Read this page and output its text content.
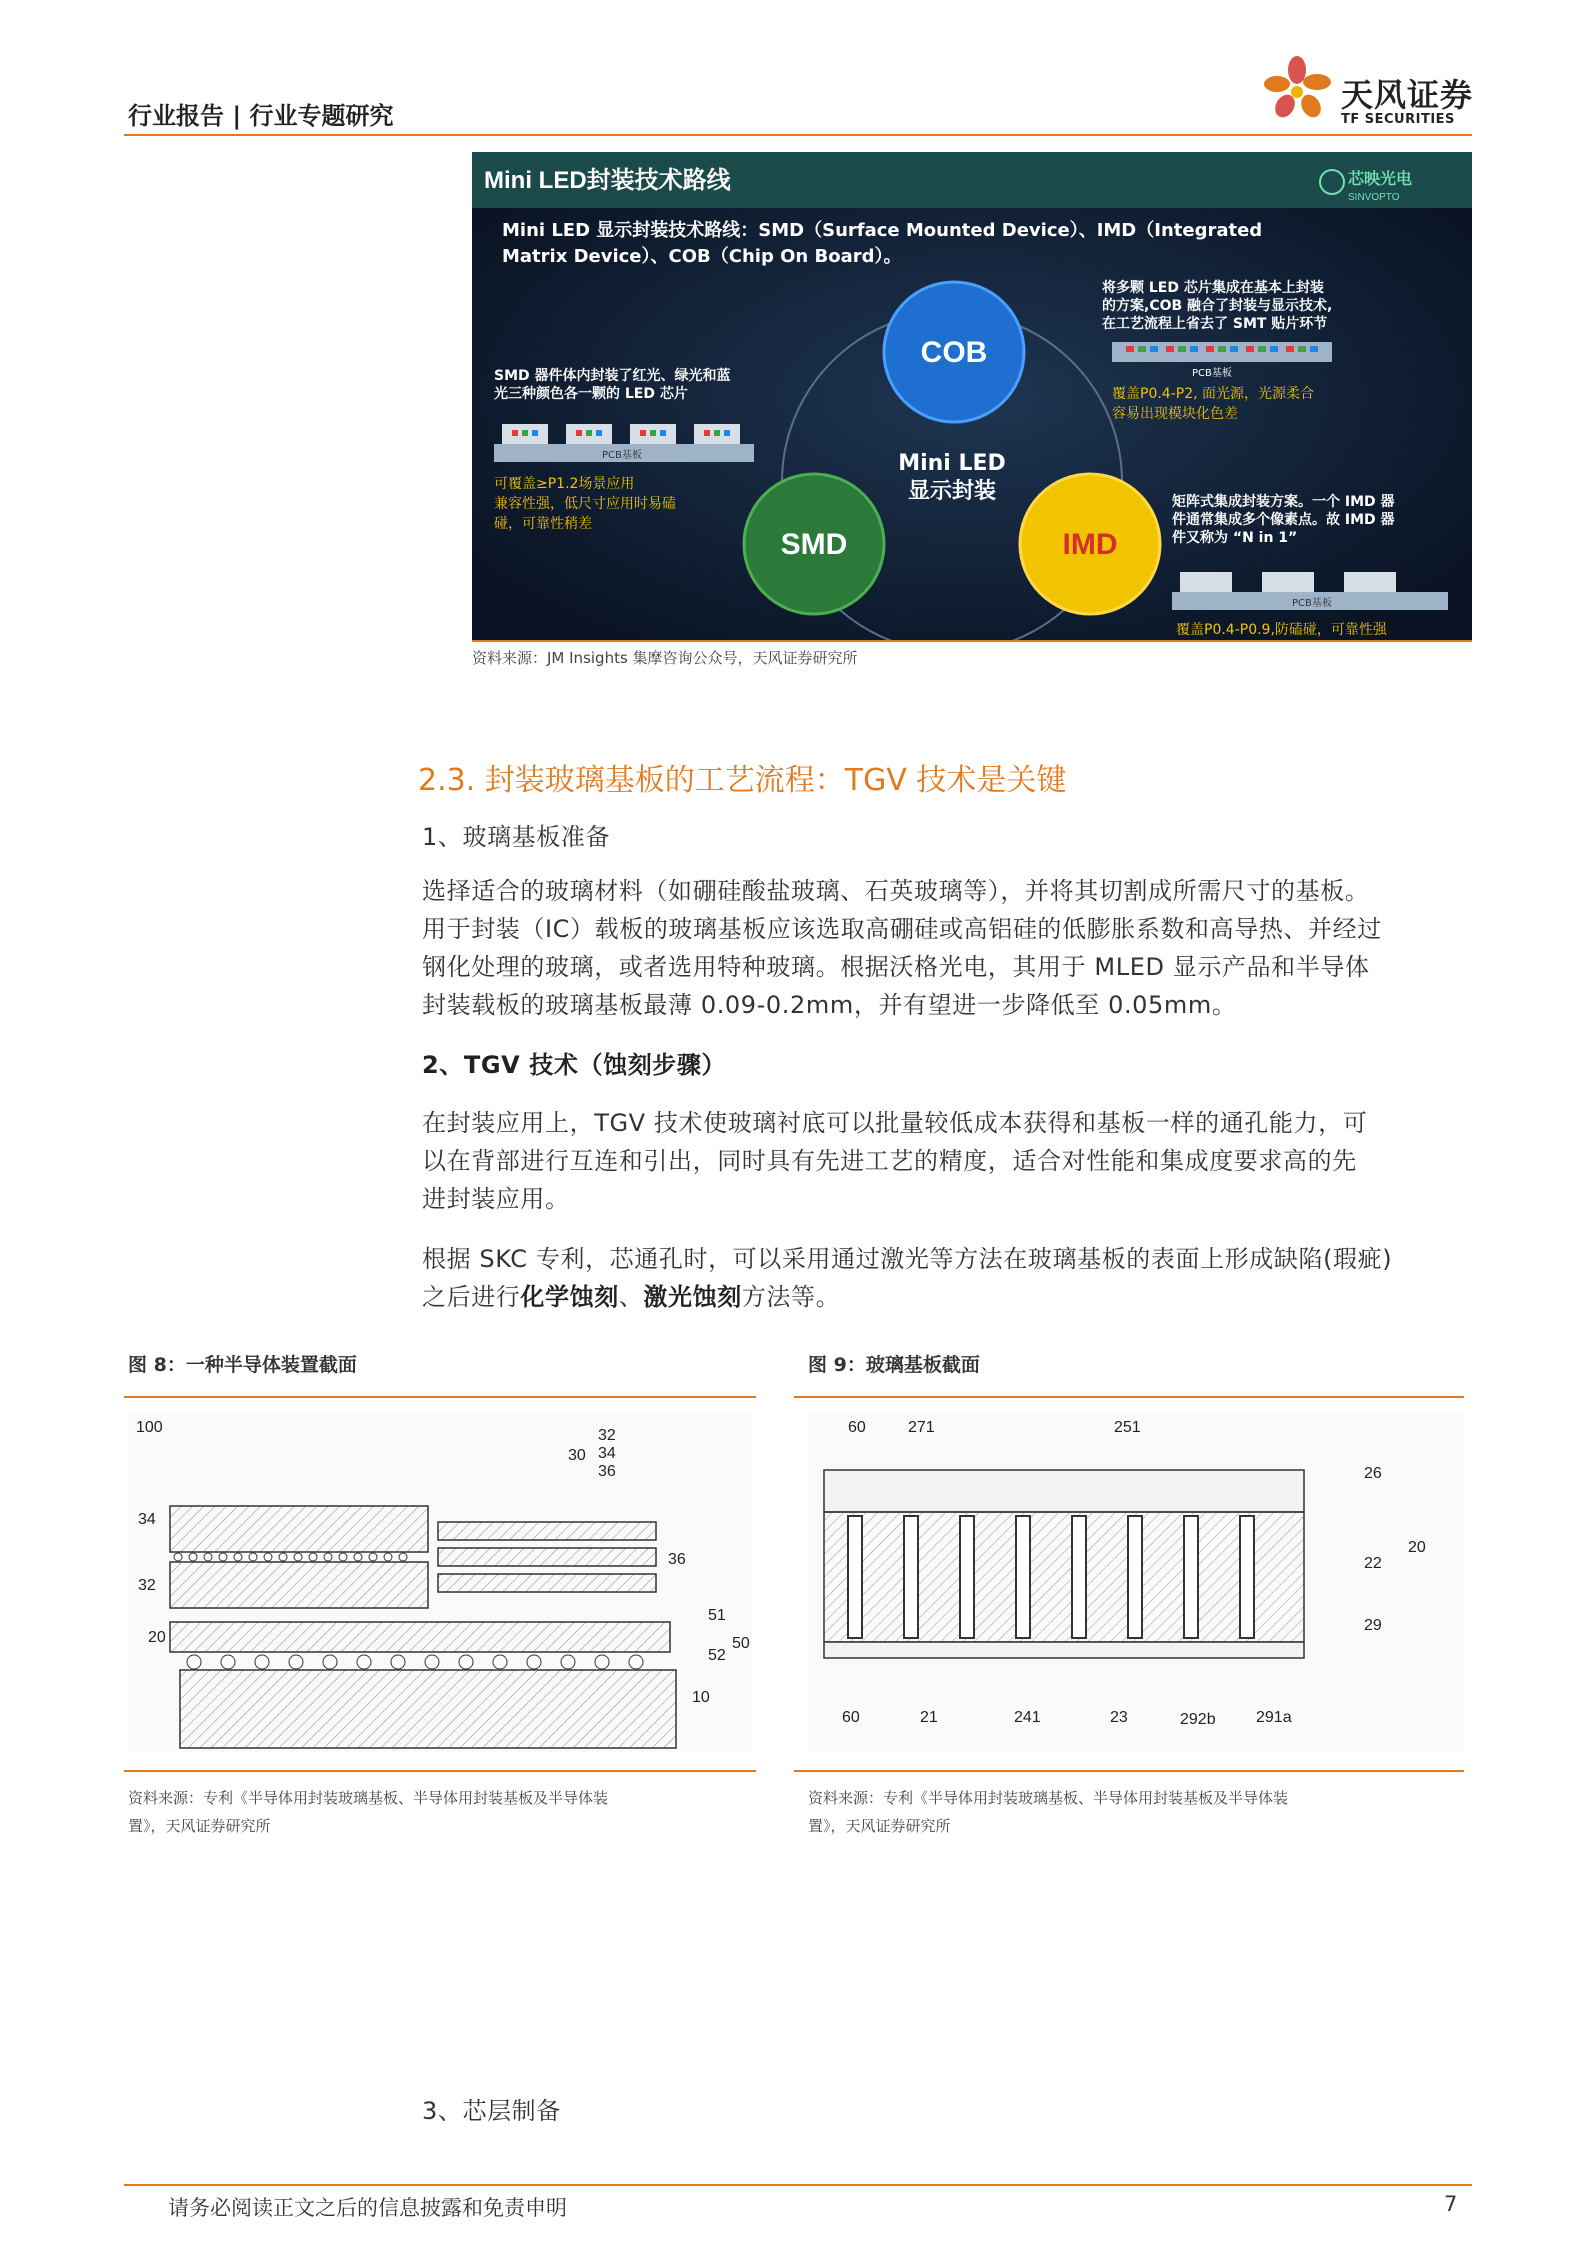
行业报告 | 行业专题研究
天风证券
TF SECURITIES
Mini LED封装技术路线	芯映光电
SINVOPTO
Mini LED 显示封装技术路线：SMD（Surface Mounted Device）、IMD（Integrated
Matrix Device）、COB（Chip On Board）。
COB
SMD	IMD
Mini LED
显示封装
将多颗 LED 芯片集成在基本上封装
的方案,COB 融合了封装与显示技术,
在工艺流程上省去了 SMT 贴片环节
PCB基板
覆盖P0.4-P2, 面光源，光源柔合
容易出现模块化色差
SMD 器件体内封装了红光、绿光和蓝
光三种颜色各一颗的 LED 芯片
PCB基板
可覆盖≥P1.2场景应用
兼容性强，低尺寸应用时易磕
碰，可靠性稍差
矩阵式集成封装方案。一个 IMD 器
件通常集成多个像素点。故 IMD 器
件又称为 “N in 1”
PCB基板
覆盖P0.4-P0.9,防磕碰，可靠性强
资料来源：JM Insights 集摩咨询公众号，天风证券研究所
2.3. 封装玻璃基板的工艺流程：TGV 技术是关键
1、玻璃基板准备
选择适合的玻璃材料（如硼硅酸盐玻璃、石英玻璃等），并将其切割成所需尺寸的基板。
用于封装（IC）载板的玻璃基板应该选取高硼硅或高铝硅的低膨胀系数和高导热、并经过
钢化处理的玻璃，或者选用特种玻璃。根据沃格光电，其用于 MLED 显示产品和半导体
封装载板的玻璃基板最薄 0.09-0.2mm，并有望进一步降低至 0.05mm。
2、TGV 技术（蚀刻步骤）
在封装应用上，TGV 技术使玻璃衬底可以批量较低成本获得和基板一样的通孔能力，可
以在背部进行互连和引出，同时具有先进工艺的精度，适合对性能和集成度要求高的先
进封装应用。
根据 SKC 专利，芯通孔时，可以采用通过激光等方法在玻璃基板的表面上形成缺陷(瑕疵)
之后进行化学蚀刻、激光蚀刻方法等。
图 8：一种半导体装置截面
100
30
32
34
36
34
32
20
36
51
50
52
10
资料来源：专利《半导体用封装玻璃基板、半导体用封装基板及半导体装
置》，天风证券研究所
图 9：玻璃基板截面
60	271	251
26
20
22
29
60	21	241	23	292b	291a
资料来源：专利《半导体用封装玻璃基板、半导体用封装基板及半导体装
置》，天风证券研究所
3、芯层制备
请务必阅读正文之后的信息披露和免责申明	7
